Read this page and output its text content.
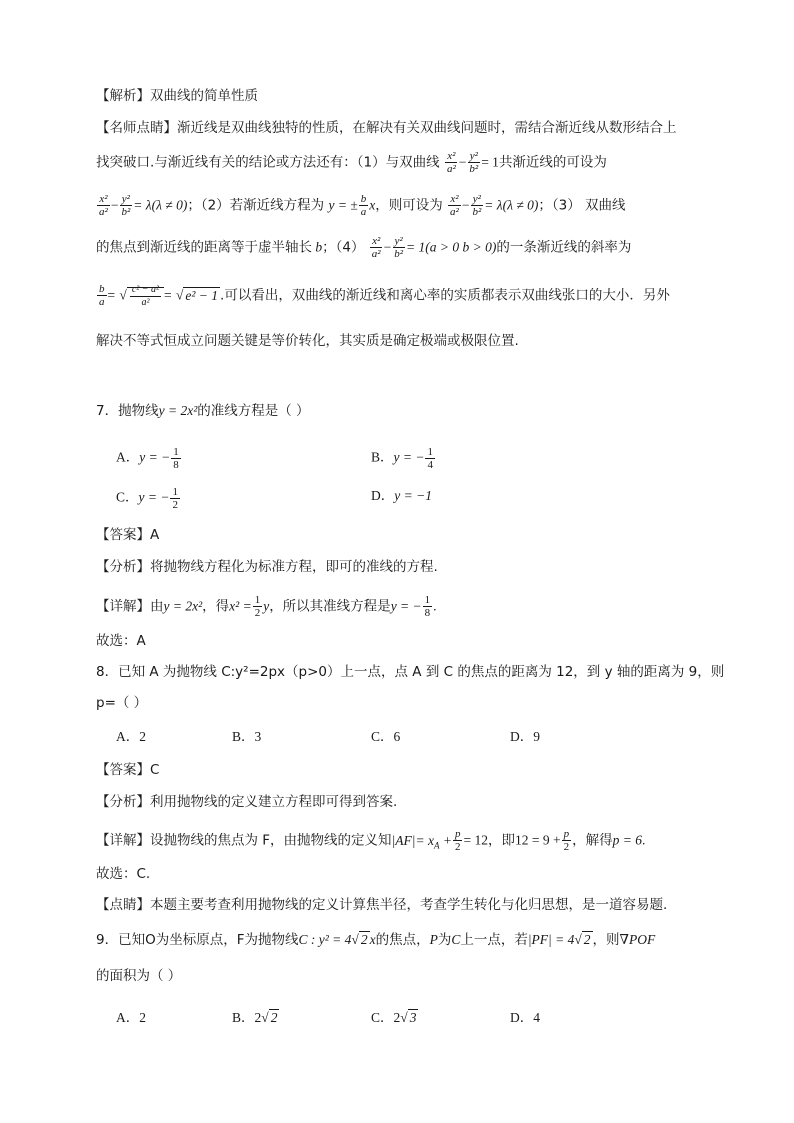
【解析】双曲线的简单性质
【名师点睛】渐近线是双曲线独特的性质，在解决有关双曲线问题时，需结合渐近线从数形结合上
找突破口.与渐近线有关的结论或方法还有：（1）与双曲线 $\frac{\text{x²}}{\text{a²}} - \frac{\text{y²}}{\text{b²}} = 1$共渐近线的可设为
$\frac{\text{x²}}{\text{a²}} - \frac{\text{y²}}{\text{b²}} = \lambda(\lambda \ne 0)$；（2）若渐近线方程为 y = ± $\frac{b}{a}$ x，则可设为 $\frac{\text{x²}}{\text{a²}} - \frac{\text{y²}}{\text{b²}} = \lambda(\lambda \ne 0)$；（3） 双曲线
的焦点到渐近线的距离等于虚半轴长 b；$(4) \frac{\text{x²}}{\text{a²}} - \frac{\text{y²}}{\text{b²}} = 1(a > 0$ b > 0)的一条渐近线的斜率为
$\frac{b}{a}$ = √ $\frac{\text{c² − a²}}{\text{a²}}$ = √ e² − 1 .可以看出，双曲线的渐近线和离心率的实质都表示双曲线张口的大小．另外
解决不等式恒成立问题关键是等价转化，其实质是确定极端或极限位置.
7．抛物线y = 2x²的准线方程是（ ）
A．y = − $\frac{1}{8}$	B．y = − $\frac{1}{4}$
C．y = − $\frac{1}{2}$	D．y = −1
【答案】A
【分析】将抛物线方程化为标准方程，即可的准线的方程.
【详解】由y = 2x²，得$x^2 = \frac{1}{2}$ y，所以其准线方程是y = − $\frac{1}{8}$ .
故选：A
8．已知 A 为抛物线 C:y²=2px（p>0）上一点，点 A 到 C 的焦点的距离为 12，到 y 轴的距离为 9，则
p=（ ）
A．2	B．3	C．6	D．9
【答案】C
【分析】利用抛物线的定义建立方程即可得到答案.
【详解】设抛物线的焦点为 F，由抛物线的定义知$|AF|= x_A + \frac{p}{2} = 12$，即$12 = 9 + \frac{p}{2}$ ，解得p = 6.
故选：C.
【点睛】本题主要考查利用抛物线的定义计算焦半径，考查学生转化与化归思想，是一道容易题.
9．已知O为坐标原点，F为抛物线C : y² = 4√ 2 x的焦点，P为C上一点，若|PF| = 4√ 2 ，则∇POF
的面积为（ ）
A．2	B．2√ 2	C．2√ 3	D．4
